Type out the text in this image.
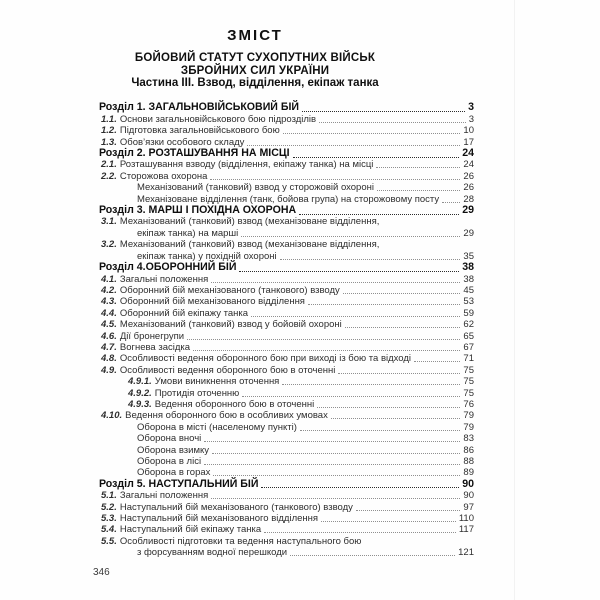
ЗМІСТ
БОЙОВИЙ СТАТУТ СУХОПУТНИХ ВІЙСЬК
ЗБРОЙНИХ СИЛ УКРАЇНИ
Частина III. Взвод, відділення, екіпаж танка
Розділ 1. ЗАГАЛЬНОВІЙСЬКОВИЙ БІЙ	3
1.1. Основи загальновійськового бою підрозділів	3
1.2. Підготовка загальновійськового бою	10
1.3. Обов’язки особового складу	17
Розділ 2. РОЗТАШУВАННЯ НА МІСЦІ	24
2.1. Розташування взводу (відділення, екіпажу танка) на місці	24
2.2. Сторожова охорона	26
Механізований (танковий) взвод у сторожовій охороні	26
Механізоване відділення (танк, бойова група) на сторожовому посту	28
Розділ 3. МАРШ І ПОХІДНА ОХОРОНА	29
3.1. Механізований (танковий) взвод (механізоване відділення,
екіпаж танка) на марші	29
3.2. Механізований (танковий) взвод (механізоване відділення,
екіпаж танка) у похідній охороні	35
Розділ 4.ОБОРОННИЙ БІЙ	38
4.1. Загальні положення	38
4.2. Оборонний бій механізованого (танкового) взводу	45
4.3. Оборонний бій механізованого відділення	53
4.4. Оборонний бій екіпажу танка	59
4.5. Механізований (танковий) взвод у бойовій охороні	62
4.6. Дії бронегрупи	65
4.7. Вогнева засідка	67
4.8. Особливості ведення оборонного бою при виході із бою та відході	71
4.9. Особливості ведення оборонного бою в оточенні	75
4.9.1. Умови виникнення оточення	75
4.9.2. Протидія оточенню	75
4.9.3. Ведення оборонного бою в оточенні	76
4.10. Ведення оборонного бою в особливих умовах	79
Оборона в місті (населеному пункті)	79
Оборона вночі	83
Оборона взимку	86
Оборона в лісі	88
Оборона в горах	89
Розділ 5. НАСТУПАЛЬНИЙ БІЙ	90
5.1. Загальні положення	90
5.2. Наступальний бій механізованого (танкового) взводу	97
5.3. Наступальний бій механізованого відділення	110
5.4. Наступальний бій екіпажу танка	117
5.5. Особливості підготовки та ведення наступального бою
з форсуванням водної перешкоди	121
346
